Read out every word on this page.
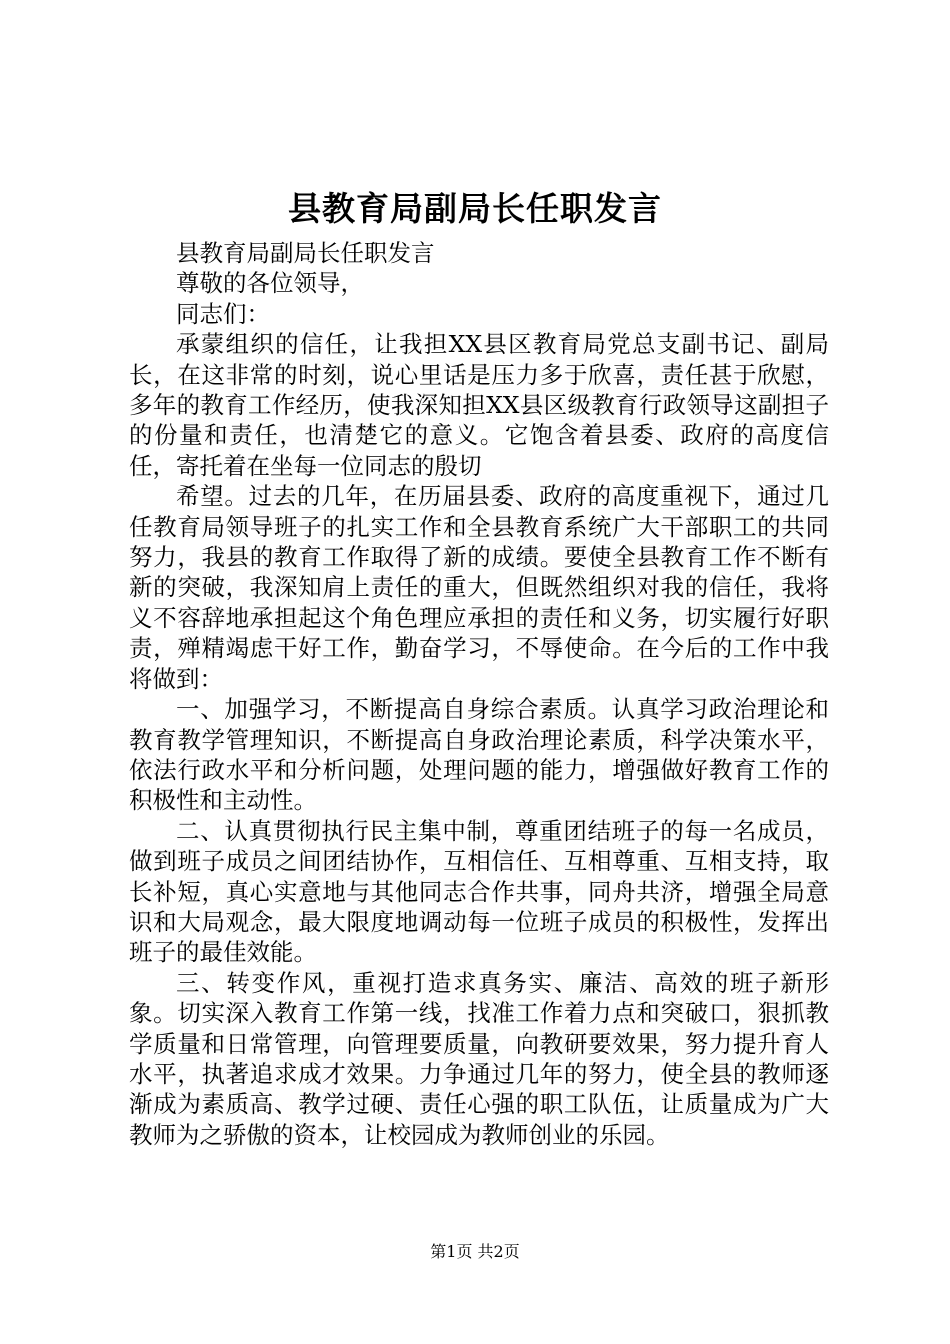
县教育局副局长任职发言

县教育局副局长任职发言

尊敬的各位领导，

同志们：

承蒙组织的信任，让我担XX县区教育局党总支副书记、副局长，在这非常的时刻，说心里话是压力多于欣喜，责任甚于欣慰，多年的教育工作经历，使我深知担XX县区级教育行政领导这副担子的份量和责任，也清楚它的意义。它饱含着县委、政府的高度信任，寄托着在坐每一位同志的殷切

希望。过去的几年，在历届县委、政府的高度重视下，通过几任教育局领导班子的扎实工作和全县教育系统广大干部职工的共同努力，我县的教育工作取得了新的成绩。要使全县教育工作不断有新的突破，我深知肩上责任的重大，但既然组织对我的信任，我将义不容辞地承担起这个角色理应承担的责任和义务，切实履行好职责，殚精竭虑干好工作，勤奋学习，不辱使命。在今后的工作中我将做到：

一、加强学习，不断提高自身综合素质。认真学习政治理论和教育教学管理知识，不断提高自身政治理论素质，科学决策水平，依法行政水平和分析问题，处理问题的能力，增强做好教育工作的积极性和主动性。

二、认真贯彻执行民主集中制，尊重团结班子的每一名成员，做到班子成员之间团结协作，互相信任、互相尊重、互相支持，取长补短，真心实意地与其他同志合作共事，同舟共济，增强全局意识和大局观念，最大限度地调动每一位班子成员的积极性，发挥出班子的最佳效能。

三、转变作风，重视打造求真务实、廉洁、高效的班子新形象。切实深入教育工作第一线，找准工作着力点和突破口，狠抓教学质量和日常管理，向管理要质量，向教研要效果，努力提升育人水平，执著追求成才效果。力争通过几年的努力，使全县的教师逐渐成为素质高、教学过硬、责任心强的职工队伍，让质量成为广大教师为之骄傲的资本，让校园成为教师创业的乐园。

第1页 共2页
